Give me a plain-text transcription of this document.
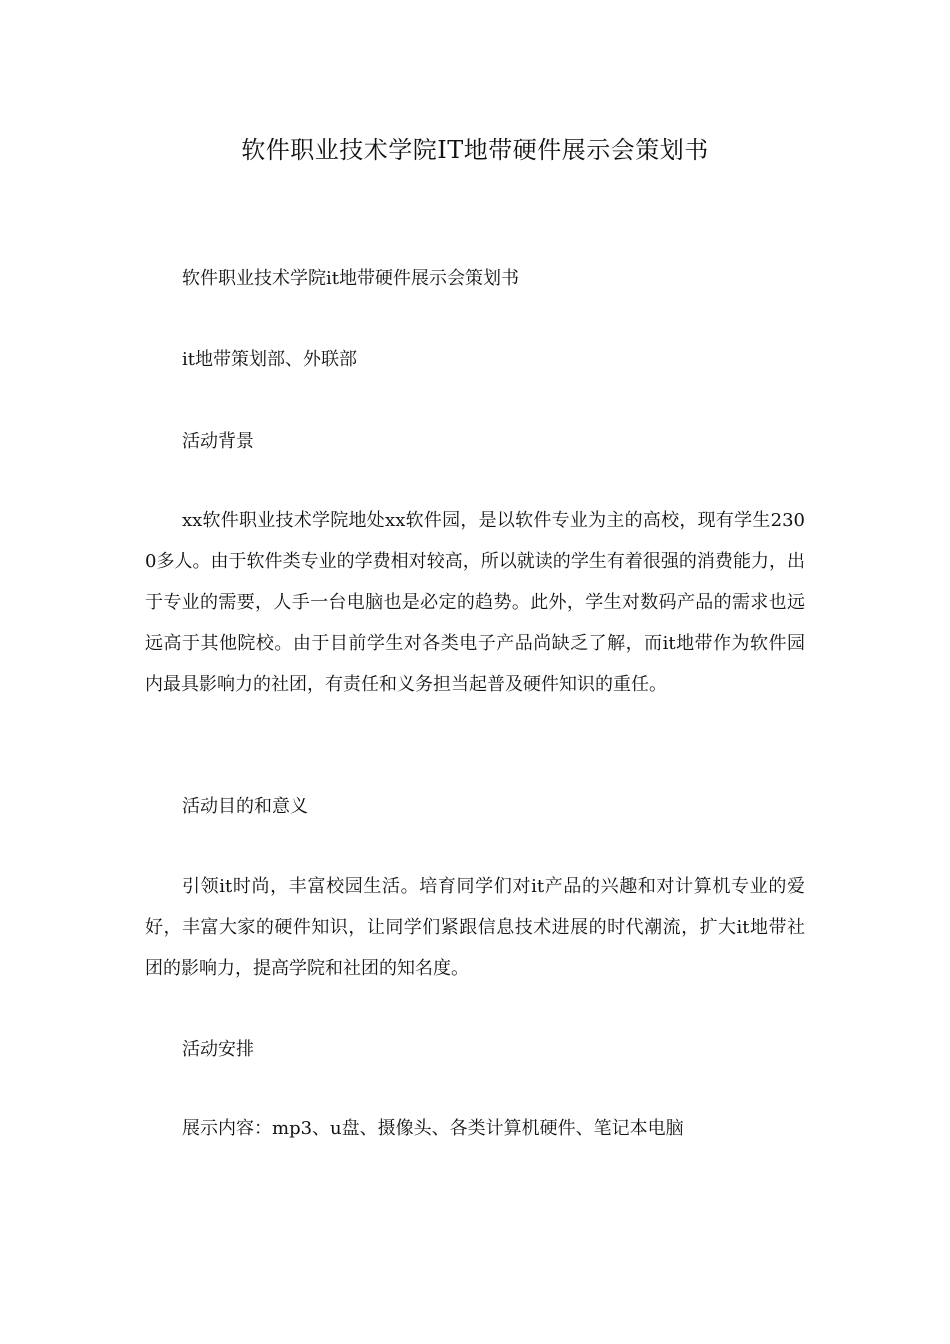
软件职业技术学院IT地带硬件展示会策划书

软件职业技术学院it地带硬件展示会策划书

it地带策划部、外联部

活动背景

xx软件职业技术学院地处xx软件园，是以软件专业为主的高校，现有学生2300多人。由于软件类专业的学费相对较高，所以就读的学生有着很强的消费能力，出于专业的需要，人手一台电脑也是必定的趋势。此外，学生对数码产品的需求也远远高于其他院校。由于目前学生对各类电子产品尚缺乏了解，而it地带作为软件园内最具影响力的社团，有责任和义务担当起普及硬件知识的重任。

活动目的和意义

引领it时尚，丰富校园生活。培育同学们对it产品的兴趣和对计算机专业的爱好，丰富大家的硬件知识，让同学们紧跟信息技术进展的时代潮流，扩大it地带社团的影响力，提高学院和社团的知名度。

活动安排

展示内容：mp3、u盘、摄像头、各类计算机硬件、笔记本电脑
